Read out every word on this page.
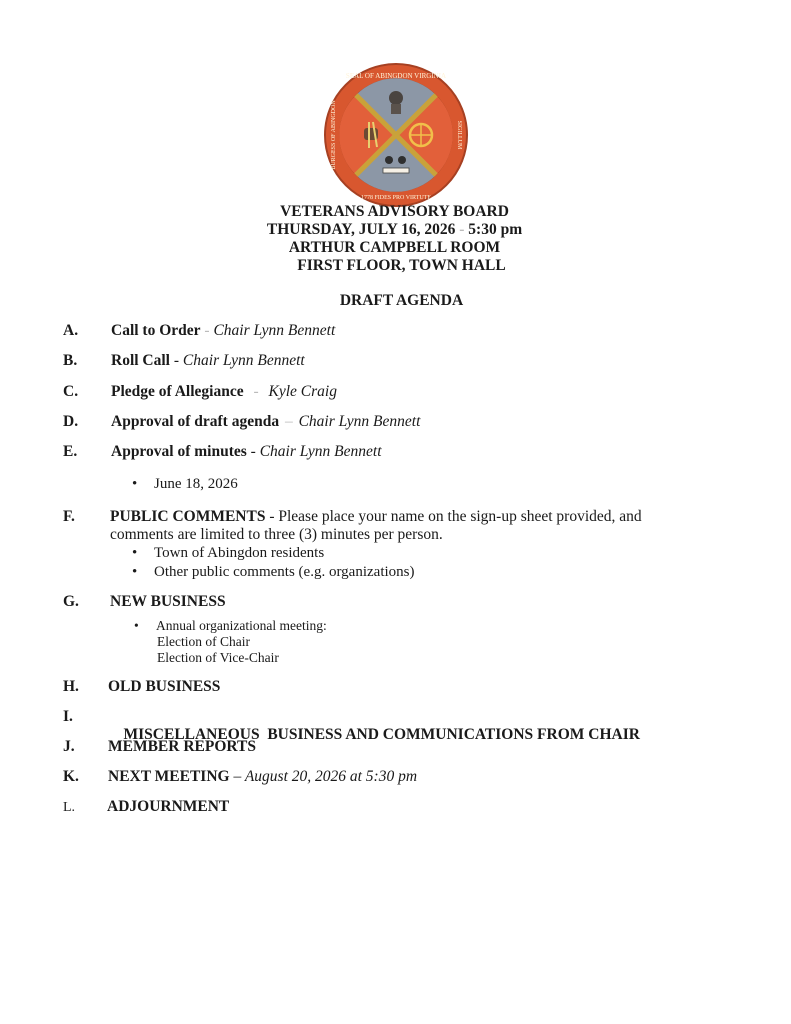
SEAL OF ABINGDON VIRGINIA
1778 FIDES PRO VIRTUTE
BURGESS OF ABINGDON	SIGILLUM
VETERANS ADVISORY BOARD
THURSDAY, JULY 16, 2026 - 5:30 pm
ARTHUR CAMPBELL ROOM
FIRST FLOOR, TOWN HALL
DRAFT AGENDA
A. Call to Order - Chair Lynn Bennett
B. Roll Call - Chair Lynn Bennett
C. Pledge of Allegiance - Kyle Craig
D. Approval of draft agenda – Chair Lynn Bennett
E. Approval of minutes - Chair Lynn Bennett
• June 18, 2026
F. PUBLIC COMMENTS - Please place your name on the sign-up sheet provided, and
comments are limited to three (3) minutes per person.
• Town of Abingdon residents
• Other public comments (e.g. organizations)
G. NEW BUSINESS
• Annual organizational meeting:
Election of Chair
Election of Vice-Chair
H. OLD BUSINESS
I.

MISCELLANEOUS  BUSINESS AND COMMUNICATIONS FROM CHAIR

J. MEMBER REPORTS
K. NEXT MEETING – August 20, 2026 at 5:30 pm
L. ADJOURNMENT
